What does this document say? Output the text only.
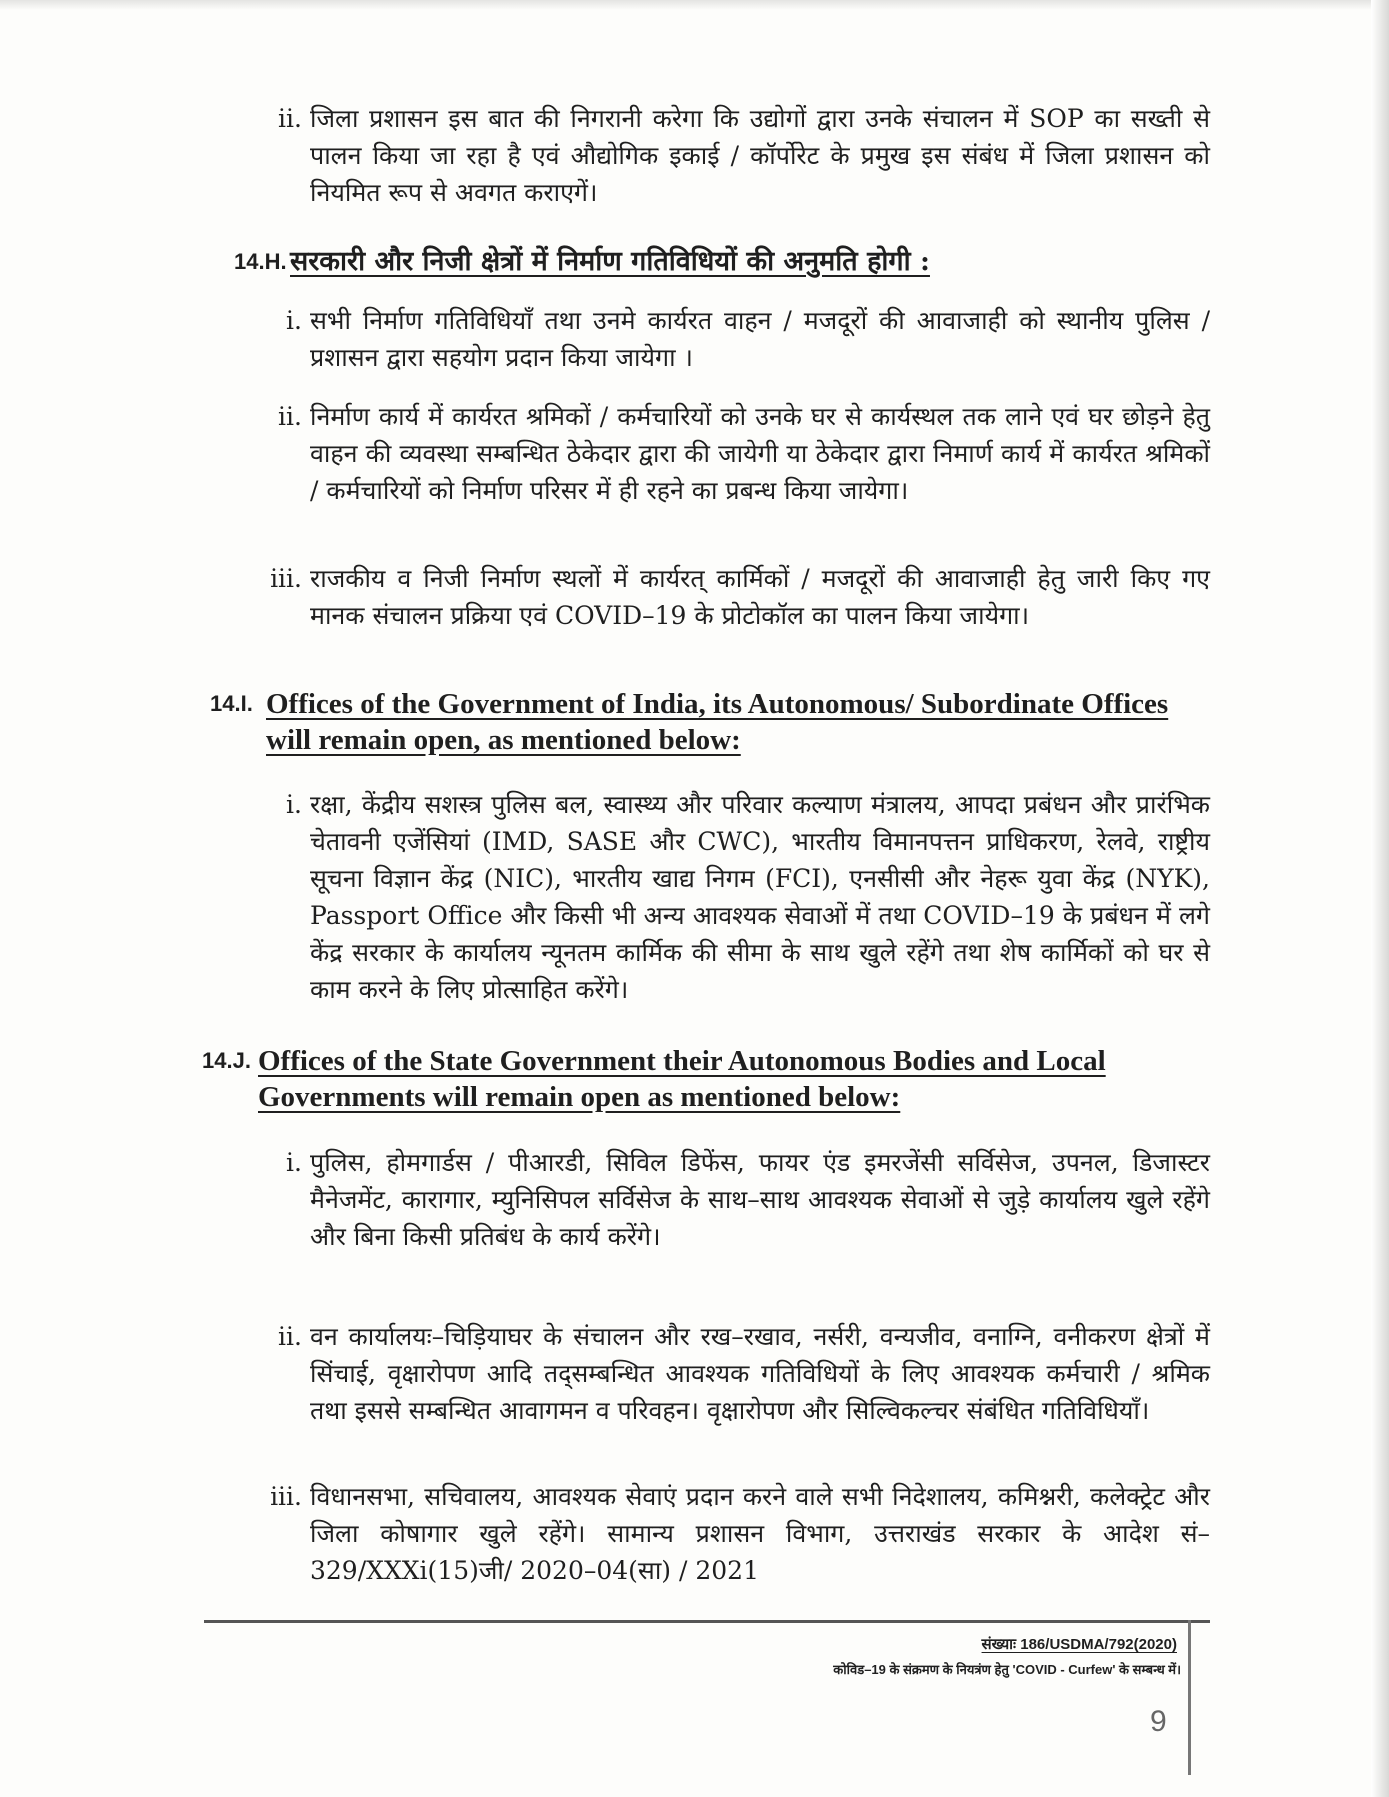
ii. जिला प्रशासन इस बात की निगरानी करेगा कि उद्योगों द्वारा उनके संचालन में SOP का सख्ती से पालन किया जा रहा है एवं औद्योगिक इकाई / कॉर्पोरेट के प्रमुख इस संबंध में जिला प्रशासन को नियमित रूप से अवगत कराएगें।
14.H. सरकारी और निजी क्षेत्रों में निर्माण गतिविधियों की अनुमति होगी :
i. सभी निर्माण गतिविधियाँ तथा उनमे कार्यरत वाहन / मजदूरों की आवाजाही को स्थानीय पुलिस / प्रशासन द्वारा सहयोग प्रदान किया जायेगा ।
ii. निर्माण कार्य में कार्यरत श्रमिकों / कर्मचारियों को उनके घर से कार्यस्थल तक लाने एवं घर छोड़ने हेतु वाहन की व्यवस्था सम्बन्धित ठेकेदार द्वारा की जायेगी या ठेकेदार द्वारा निमार्ण कार्य में कार्यरत श्रमिकों / कर्मचारियों को निर्माण परिसर में ही रहने का प्रबन्ध किया जायेगा।
iii. राजकीय व निजी निर्माण स्थलों में कार्यरत् कार्मिकों / मजदूरों की आवाजाही हेतु जारी किए गए मानक संचालन प्रक्रिया एवं COVID–19 के प्रोटोकॉल का पालन किया जायेगा।
14.I. Offices of the Government of India, its Autonomous/ Subordinate Offices will remain open, as mentioned below:
i. रक्षा, केंद्रीय सशस्त्र पुलिस बल, स्वास्थ्य और परिवार कल्याण मंत्रालय, आपदा प्रबंधन और प्रारंभिक चेतावनी एजेंसियां (IMD, SASE और CWC), भारतीय विमानपत्तन प्राधिकरण, रेलवे, राष्ट्रीय सूचना विज्ञान केंद्र (NIC), भारतीय खाद्य निगम (FCI), एनसीसी और नेहरू युवा केंद्र (NYK), Passport Office और किसी भी अन्य आवश्यक सेवाओं में तथा COVID–19 के प्रबंधन में लगे केंद्र सरकार के कार्यालय न्यूनतम कार्मिक की सीमा के साथ खुले रहेंगे तथा शेष कार्मिकों को घर से काम करने के लिए प्रोत्साहित करेंगे।
14.J. Offices of the State Government their Autonomous Bodies and Local Governments will remain open as mentioned below:
i. पुलिस, होमगार्डस / पीआरडी, सिविल डिफेंस, फायर एंड इमरजेंसी सर्विसेज, उपनल, डिजास्टर मैनेजमेंट, कारागार, म्युनिसिपल सर्विसेज के साथ–साथ आवश्यक सेवाओं से जुड़े कार्यालय खुले रहेंगे और बिना किसी प्रतिबंध के कार्य करेंगे।
ii. वन कार्यालयः–चिड़ियाघर के संचालन और रख–रखाव, नर्सरी, वन्यजीव, वनाग्नि, वनीकरण क्षेत्रों में सिंचाई, वृक्षारोपण आदि तद्सम्बन्धित आवश्यक गतिविधियों के लिए आवश्यक कर्मचारी / श्रमिक तथा इससे सम्बन्धित आवागमन व परिवहन। वृक्षारोपण और सिल्विकल्चर संबंधित गतिविधियाँ।
iii. विधानसभा, सचिवालय, आवश्यक सेवाएं प्रदान करने वाले सभी निदेशालय, कमिश्नरी, कलेक्ट्रेट और जिला कोषागार खुले रहेंगे। सामान्य प्रशासन विभाग, उत्तराखंड सरकार के आदेश सं–329/XXXi(15)जी/ 2020–04(सा) / 2021
संख्याः 186/USDMA/792(2020)
कोविड–19 के संक्रमण के नियत्रंण हेतु 'COVID - Curfew' के सम्बन्ध में।
9
